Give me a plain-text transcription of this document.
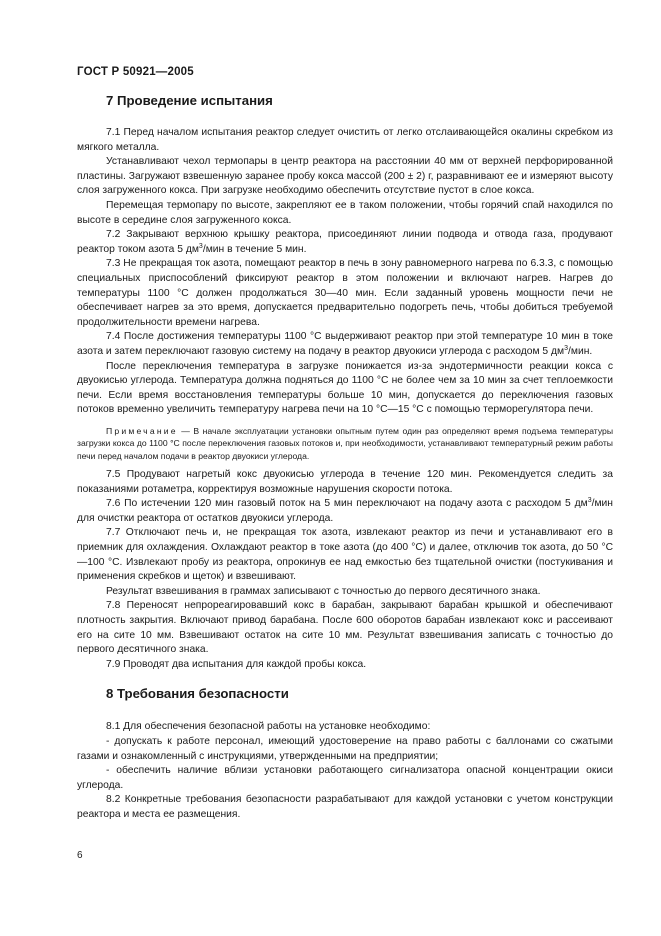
ГОСТ Р 50921—2005
7 Проведение испытания

7.1 Перед началом испытания реактор следует очистить от легко отслаивающейся окалины скребком из мягкого металла.

Устанавливают чехол термопары в центр реактора на расстоянии 40 мм от верхней перфорированной пластины. Загружают взвешенную заранее пробу кокса массой (200 ± 2) г, разравнивают ее и измеряют высоту слоя загруженного кокса. При загрузке необходимо обеспечить отсутствие пустот в слое кокса.

Перемещая термопару по высоте, закрепляют ее в таком положении, чтобы горячий спай находился по высоте в середине слоя загруженного кокса.

7.2 Закрывают верхнюю крышку реактора, присоединяют линии подвода и отвода газа, продувают реактор током азота 5 $дм^3$/мин в течение 5 мин.

7.3 Не прекращая ток азота, помещают реактор в печь в зону равномерного нагрева по 6.3.3, с помощью специальных приспособлений фиксируют реактор в этом положении и включают нагрев. Нагрев до температуры 1100 °С должен продолжаться 30—40 мин. Если заданный уровень мощности печи не обеспечивает нагрев за это время, допускается предварительно подогреть печь, чтобы добиться требуемой продолжительности времени нагрева.

7.4 После достижения температуры 1100 °С выдерживают реактор при этой температуре 10 мин в токе азота и затем переключают газовую систему на подачу в реактор двуокиси углерода с расходом 5 $дм^3$/мин.

После переключения температура в загрузке понижается из-за эндотермичности реакции кокса с двуокисью углерода. Температура должна подняться до 1100 °С не более чем за 10 мин за счет теплоемкости печи. Если время восстановления температуры больше 10 мин, допускается до переключения газовых потоков временно увеличить температуру нагрева печи на 10 °С—15 °С с помощью терморегулятора печи.

Примечание — В начале эксплуатации установки опытным путем один раз определяют время подъема температуры загрузки кокса до 1100 °С после переключения газовых потоков и, при необходимости, устанавливают температурный режим работы печи перед началом подачи в реактор двуокиси углерода.

7.5 Продувают нагретый кокс двуокисью углерода в течение 120 мин. Рекомендуется следить за показаниями ротаметра, корректируя возможные нарушения скорости потока.

7.6 По истечении 120 мин газовый поток на 5 мин переключают на подачу азота с расходом 5 $дм^3$/мин для очистки реактора от остатков двуокиси углерода.

7.7 Отключают печь и, не прекращая ток азота, извлекают реактор из печи и устанавливают его в приемник для охлаждения. Охлаждают реактор в токе азота (до 400 °С) и далее, отключив ток азота, до 50 °С—100 °С. Извлекают пробу из реактора, опрокинув ее над емкостью без тщательной очистки (постукивания и применения скребков и щеток) и взвешивают.

Результат взвешивания в граммах записывают с точностью до первого десятичного знака.

7.8 Переносят непрореагировавший кокс в барабан, закрывают барабан крышкой и обеспечивают плотность закрытия. Включают привод барабана. После 600 оборотов барабан извлекают кокс и рассеивают его на сите 10 мм. Взвешивают остаток на сите 10 мм. Результат взвешивания записать с точностью до первого десятичного знака.

7.9 Проводят два испытания для каждой пробы кокса.

8 Требования безопасности

8.1 Для обеспечения безопасной работы на установке необходимо:

- допускать к работе персонал, имеющий удостоверение на право работы с баллонами со сжатыми газами и ознакомленный с инструкциями, утвержденными на предприятии;

- обеспечить наличие вблизи установки работающего сигнализатора опасной концентрации окиси углерода.

8.2 Конкретные требования безопасности разрабатывают для каждой установки с учетом конструкции реактора и места ее размещения.

6
